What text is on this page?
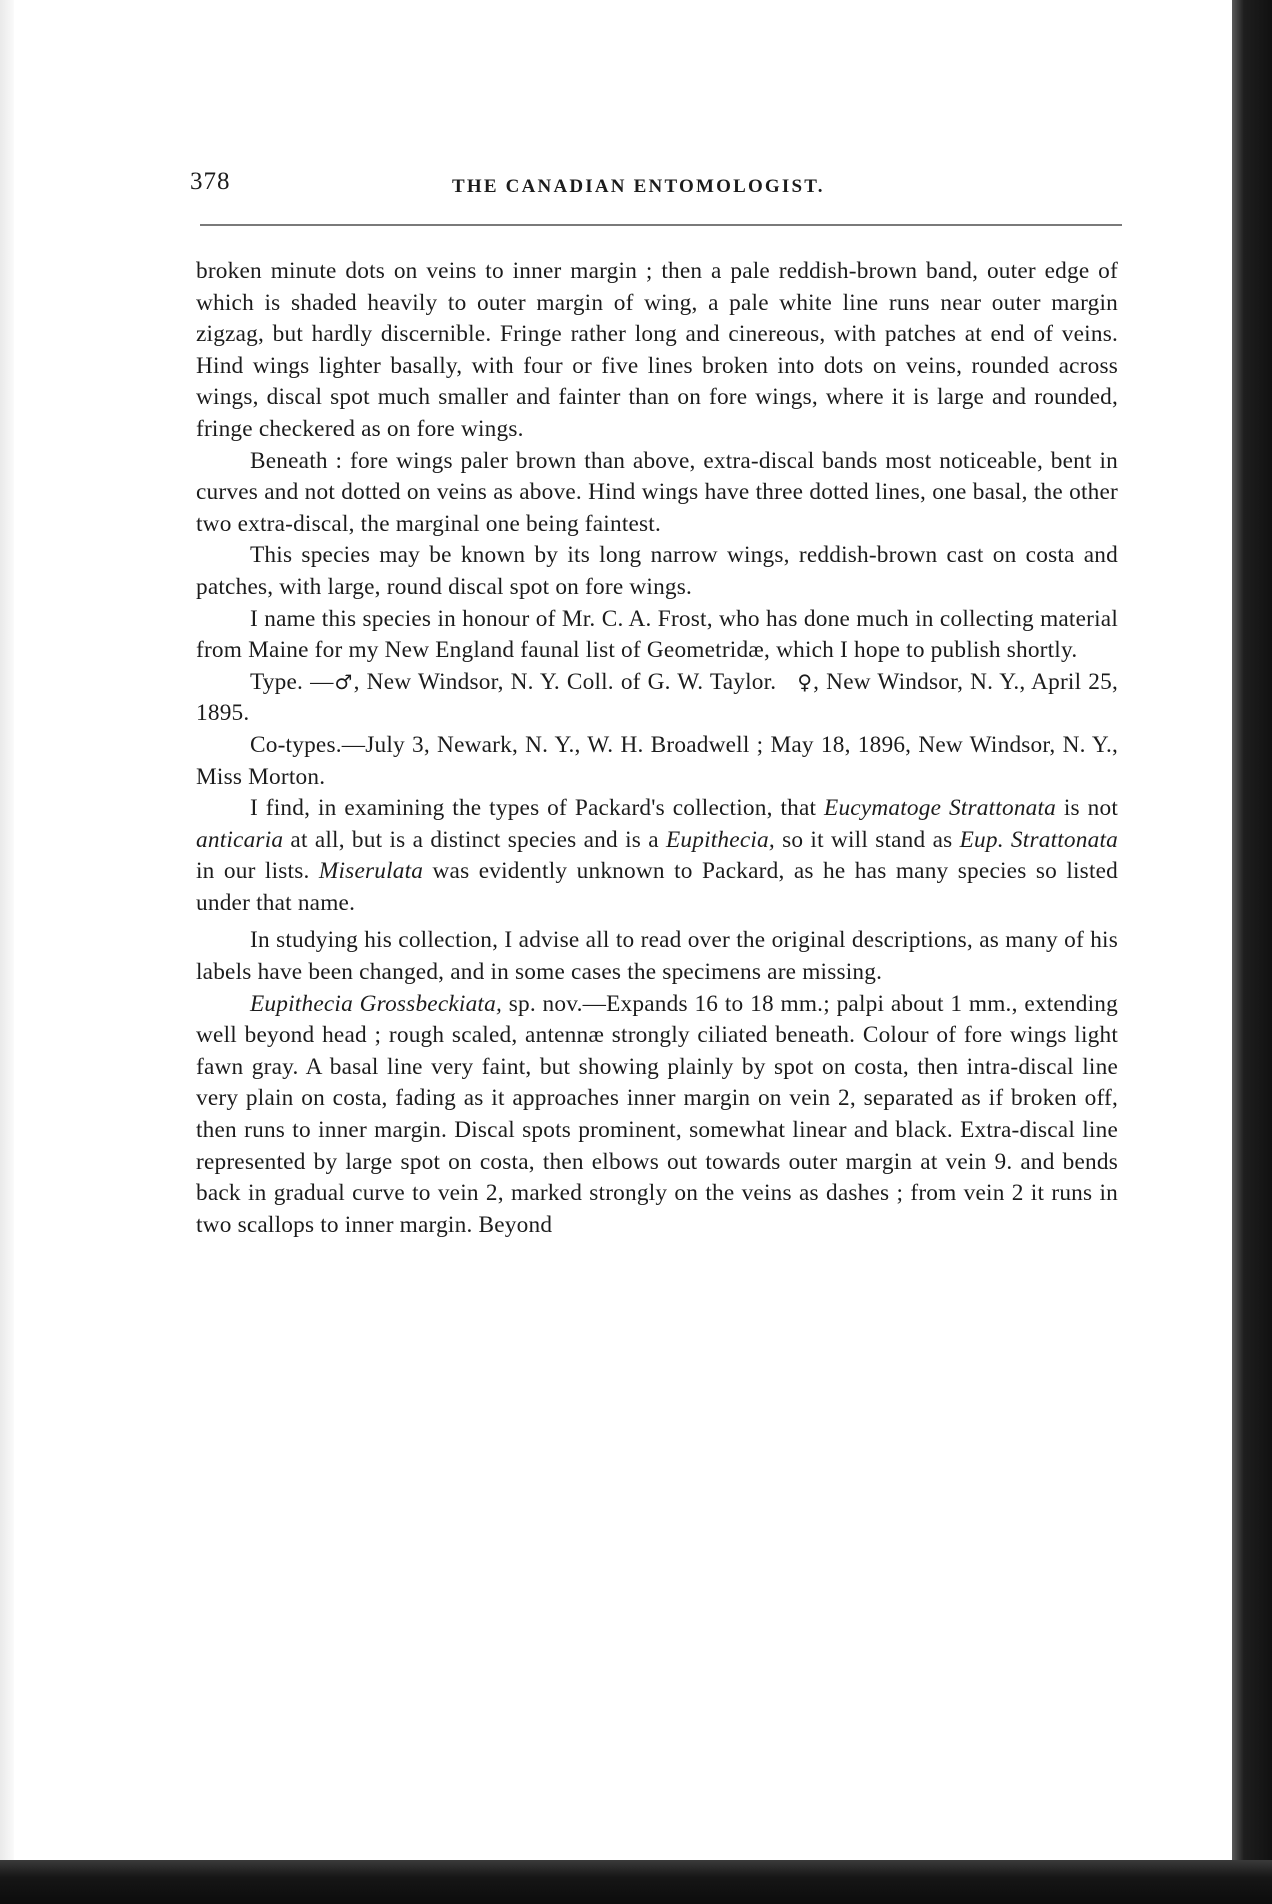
378	THE CANADIAN ENTOMOLOGIST.

broken minute dots on veins to inner margin ; then a pale reddish-brown band, outer edge of which is shaded heavily to outer margin of wing, a pale white line runs near outer margin zigzag, but hardly discernible. Fringe rather long and cinereous, with patches at end of veins. Hind wings lighter basally, with four or five lines broken into dots on veins, rounded across wings, discal spot much smaller and fainter than on fore wings, where it is large and rounded, fringe checkered as on fore wings.

Beneath : fore wings paler brown than above, extra-discal bands most noticeable, bent in curves and not dotted on veins as above. Hind wings have three dotted lines, one basal, the other two extra-discal, the marginal one being faintest.

This species may be known by its long narrow wings, reddish-brown cast on costa and patches, with large, round discal spot on fore wings.

I name this species in honour of Mr. C. A. Frost, who has done much in collecting material from Maine for my New England faunal list of Geometridæ, which I hope to publish shortly.

Type. —♂, New Windsor, N. Y. Coll. of G. W. Taylor. ♀, New Windsor, N. Y., April 25, 1895.

Co-types.—July 3, Newark, N. Y., W. H. Broadwell ; May 18, 1896, New Windsor, N. Y., Miss Morton.

I find, in examining the types of Packard's collection, that Eucymatoge Strattonata is not anticaria at all, but is a distinct species and is a Eupithecia, so it will stand as Eup. Strattonata in our lists. Miserulata was evidently unknown to Packard, as he has many species so listed under that name.

In studying his collection, I advise all to read over the original descriptions, as many of his labels have been changed, and in some cases the specimens are missing.

Eupithecia Grossbeckiata, sp. nov.—Expands 16 to 18 mm.; palpi about 1 mm., extending well beyond head ; rough scaled, antennæ strongly ciliated beneath. Colour of fore wings light fawn gray. A basal line very faint, but showing plainly by spot on costa, then intra-discal line very plain on costa, fading as it approaches inner margin on vein 2, separated as if broken off, then runs to inner margin. Discal spots prominent, somewhat linear and black. Extra-discal line represented by large spot on costa, then elbows out towards outer margin at vein 9. and bends back in gradual curve to vein 2, marked strongly on the veins as dashes ; from vein 2 it runs in two scallops to inner margin. Beyond
